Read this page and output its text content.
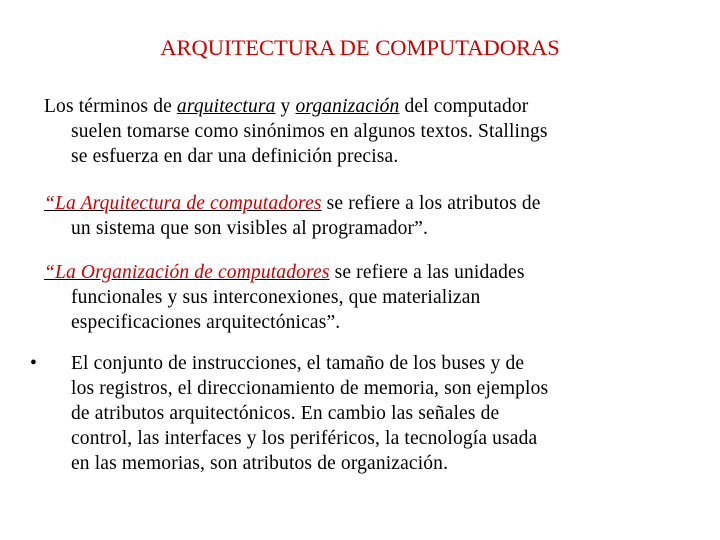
ARQUITECTURA DE COMPUTADORAS

Los términos de arquitectura y organización del computador
suelen tomarse como sinónimos en algunos textos. Stallings
se esfuerza en dar una definición precisa.

“La Arquitectura de computadores se refiere a los atributos de
un sistema que son visibles al programador”.

“La Organización de computadores se refiere a las unidades
funcionales y sus interconexiones, que materializan
especificaciones arquitectónicas”.

• El conjunto de instrucciones, el tamaño de los buses y de
los registros, el direccionamiento de memoria, son ejemplos
de atributos arquitectónicos. En cambio las señales de
control, las interfaces y los periféricos, la tecnología usada
en las memorias, son atributos de organización.
